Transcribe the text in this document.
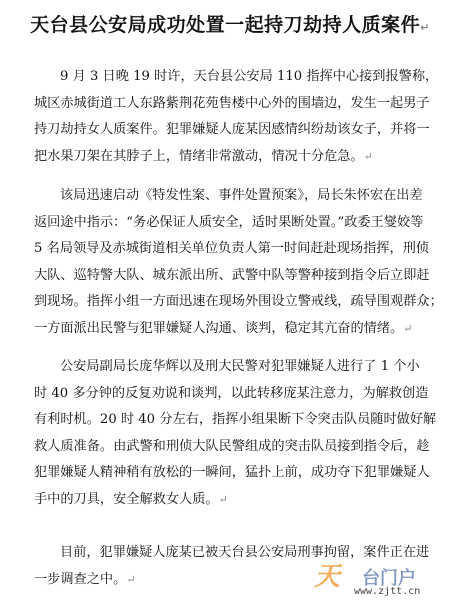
天台县公安局成功处置一起持刀劫持人质案件↵
9 月 3 日晚 19 时许，天台县公安局 110 指挥中心接到报警称，
城区赤城街道工人东路紫荆花苑售楼中心外的围墙边，发生一起男子
持刀劫持女人质案件。犯罪嫌疑人庞某因感情纠纷劫该女子，并将一
把水果刀架在其脖子上，情绪非常激动，情况十分危急。↵
该局迅速启动《特发性案、事件处置预案》，局长朱怀宏在出差
返回途中指示：“务必保证人质安全，适时果断处置。”政委王燮姣等
5 名局领导及赤城街道相关单位负责人第一时间赶赴现场指挥，刑侦
大队、巡特警大队、城东派出所、武警中队等警种接到指令后立即赶
到现场。指挥小组一方面迅速在现场外围设立警戒线，疏导围观群众；
一方面派出民警与犯罪嫌疑人沟通、谈判，稳定其亢奋的情绪。↵
公安局副局长庞华辉以及刑大民警对犯罪嫌疑人进行了 1 个小
时 40 多分钟的反复劝说和谈判，以此转移庞某注意力，为解救创造
有利时机。20 时 40 分左右，指挥小组果断下令突击队员随时做好解
救人质准备。由武警和刑侦大队民警组成的突击队员接到指令后，趁
犯罪嫌疑人精神稍有放松的一瞬间，猛扑上前，成功夺下犯罪嫌疑人
手中的刀具，安全解救女人质。↵
目前，犯罪嫌疑人庞某已被天台县公安局刑事拘留，案件正在进
一步调查之中。↵	天 台门户
www.zjtt.cn
